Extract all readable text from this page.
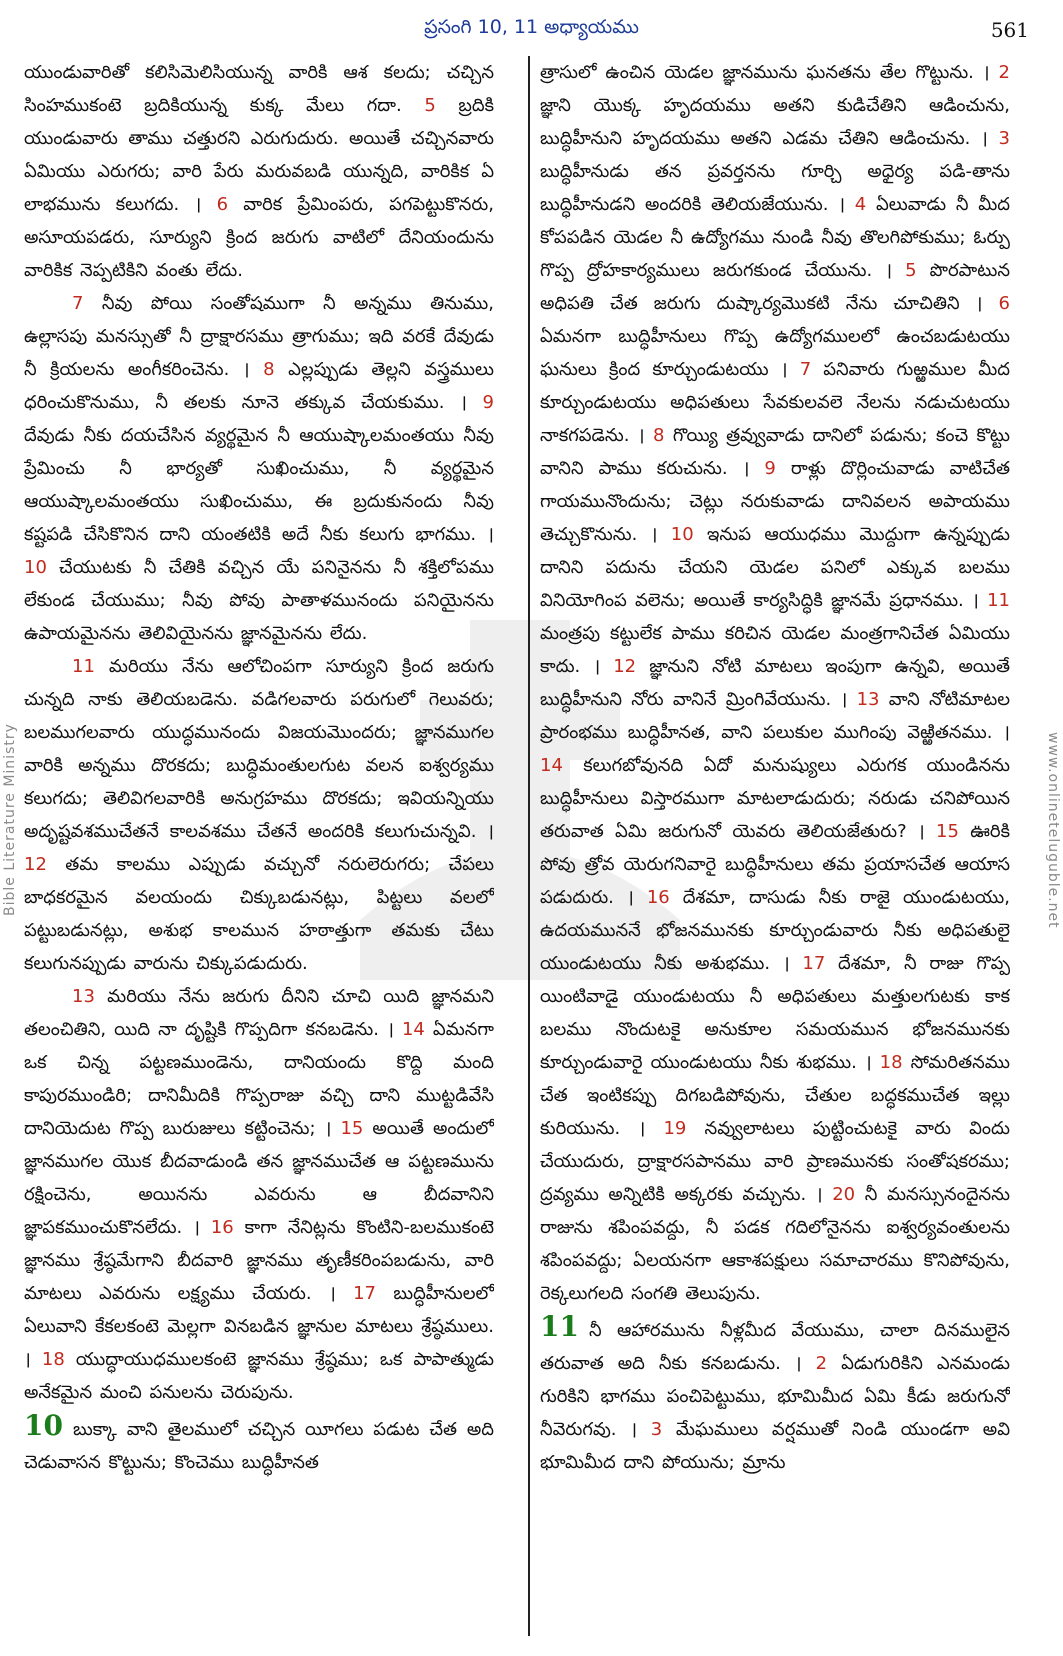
ప్రసంగి 10, 11 అధ్యాయము	561
Bible Literature Ministry	www.onlineteluguble.net

యుండువారితో కలిసిమెలిసియున్న వారికి ఆశ కలదు; చచ్చిన సింహముకంటె బ్రదికియున్న కుక్క మేలు గదా. 5 బ్రదికి యుండువారు తాము చత్తురని ఎరుగుదురు. అయితే చచ్చినవారు ఏమియు ఎరుగరు; వారి పేరు మరువబడి యున్నది, వారికిక ఏ లాభమును కలుగదు. । 6 వారిక ప్రేమింపరు, పగపెట్టుకొనరు, అసూయపడరు, సూర్యుని క్రింద జరుగు వాటిలో దేనియందును వారికిక నెప్పటికిని వంతు లేదు.

7 నీవు పోయి సంతోషముగా నీ అన్నము తినుము, ఉల్లాసపు మనస్సుతో నీ ద్రాక్షారసము త్రాగుము; ఇది వరకే దేవుడు నీ క్రియలను అంగీకరించెను. । 8 ఎల్లప్పుడు తెల్లని వస్త్రములు ధరించుకొనుము, నీ తలకు నూనె తక్కువ చేయకుము. । 9 దేవుడు నీకు దయచేసిన వ్యర్థమైన నీ ఆయుష్కాలమంతయు నీవు ప్రేమించు నీ భార్యతో సుఖించుము, నీ వ్యర్థమైన ఆయుష్కాలమంతయు సుఖించుము, ఈ బ్రదుకునందు నీవు కష్టపడి చేసికొనిన దాని యంతటికి అదే నీకు కలుగు భాగము. । 10 చేయుటకు నీ చేతికి వచ్చిన యే పనినైనను నీ శక్తిలోపము లేకుండ చేయుము; నీవు పోవు పాతాళమునందు పనియైనను ఉపాయమైనను తెలివియైనను జ్ఞానమైనను లేదు.

11 మరియు నేను ఆలోచింపగా సూర్యుని క్రింద జరుగు చున్నది నాకు తెలియబడెను. వడిగలవారు పరుగులో గెలువరు; బలముగలవారు యుద్ధమునందు విజయమొందరు; జ్ఞానముగల వారికి అన్నము దొరకదు; బుద్ధిమంతులగుట వలన ఐశ్వర్యము కలుగదు; తెలివిగలవారికి అనుగ్రహము దొరకదు; ఇవియన్నియు అదృష్టవశముచేతనే కాలవశము చేతనే అందరికి కలుగుచున్నవి. । 12 తమ కాలము ఎప్పుడు వచ్చునో నరులెరుగరు; చేపలు బాధకరమైన వలయందు చిక్కుబడునట్లు, పిట్టలు వలలో పట్టుబడునట్లు, అశుభ కాలమున హఠాత్తుగా తమకు చేటు కలుగునప్పుడు వారును చిక్కుపడుదురు.

13 మరియు నేను జరుగు దీనిని చూచి యిది జ్ఞానమని తలంచితిని, యిది నా దృష్టికి గొప్పదిగా కనబడెను. । 14 ఏమనగా ఒక చిన్న పట్టణముండెను, దానియందు కొద్ది మంది కాపురముండిరి; దానిమీదికి గొప్పరాజు వచ్చి దాని ముట్టడివేసి దానియెదుట గొప్ప బురుజులు కట్టించెను; । 15 అయితే అందులో జ్ఞానముగల యొక బీదవాడుండి తన జ్ఞానముచేత ఆ పట్టణమును రక్షించెను, అయినను ఎవరును ఆ బీదవానిని జ్ఞాపకముంచుకొనలేదు. । 16 కాగా నేనిట్లను కొంటిని-బలముకంటె జ్ఞానము శ్రేష్ఠమేగాని బీదవారి జ్ఞానము తృణీకరింపబడును, వారి మాటలు ఎవరును లక్ష్యము చేయరు. । 17 బుద్ధిహీనులలో ఏలువాని కేకలకంటె మెల్లగా వినబడిన జ్ఞానుల మాటలు శ్రేష్ఠములు. । 18 యుద్ధాయుధములకంటె జ్ఞానము శ్రేష్ఠము; ఒక పాపాత్ముడు అనేకమైన మంచి పనులను చెరుపును.

10 బుక్కా వాని తైలములో చచ్చిన యీగలు పడుట చేత అది చెడువాసన కొట్టును; కొంచెము బుద్ధిహీనత

త్రాసులో ఉంచిన యెడల జ్ఞానమును ఘనతను తేల గొట్టును. । 2 జ్ఞాని యొక్క హృదయము అతని కుడిచేతిని ఆడించును, బుద్ధిహీనుని హృదయము అతని ఎడమ చేతిని ఆడించును. । 3 బుద్ధిహీనుడు తన ప్రవర్తనను గూర్చి అధైర్య పడి-తాను బుద్ధిహీనుడని అందరికి తెలియజేయును. । 4 ఏలువాడు నీ మీద కోపపడిన యెడల నీ ఉద్యోగము నుండి నీవు తొలగిపోకుము; ఓర్పు గొప్ప ద్రోహకార్యములు జరుగకుండ చేయును. । 5 పొరపాటున అధిపతి చేత జరుగు దుష్కార్యమొకటి నేను చూచితిని । 6 ఏమనగా బుద్ధిహీనులు గొప్ప ఉద్యోగములలో ఉంచబడుటయు ఘనులు క్రింద కూర్చుండుటయు । 7 పనివారు గుఱ్ఱముల మీద కూర్చుండుటయు అధిపతులు సేవకులవలె నేలను నడుచుటయు నాకగపడెను. । 8 గొయ్యి త్రవ్వువాడు దానిలో పడును; కంచె కొట్టు వానిని పాము కరుచును. । 9 రాళ్లు దొర్లించువాడు వాటిచేత గాయమునొందును; చెట్లు నరుకువాడు దానివలన అపాయము తెచ్చుకొనును. । 10 ఇనుప ఆయుధము మొద్దుగా ఉన్నప్పుడు దానిని పదును చేయని యెడల పనిలో ఎక్కువ బలము వినియోగింప వలెను; అయితే కార్యసిద్ధికి జ్ఞానమే ప్రధానము. । 11 మంత్రపు కట్టులేక పాము కరిచిన యెడల మంత్రగానిచేత ఏమియు కాదు. । 12 జ్ఞానుని నోటి మాటలు ఇంపుగా ఉన్నవి, అయితే బుద్ధిహీనుని నోరు వానినే మ్రింగివేయును. । 13 వాని నోటిమాటల ప్రారంభము బుద్ధిహీనత, వాని పలుకుల ముగింపు వెఱ్ఱితనము. । 14 కలుగబోవునది ఏదో మనుష్యులు ఎరుగక యుండినను బుద్ధిహీనులు విస్తారముగా మాటలాడుదురు; నరుడు చనిపోయిన తరువాత ఏమి జరుగునో యెవరు తెలియజేతురు? । 15 ఊరికి పోవు త్రోవ యెరుగనివారై బుద్ధిహీనులు తమ ప్రయాసచేత ఆయాస పడుదురు. । 16 దేశమా, దాసుడు నీకు రాజై యుండుటయు, ఉదయముననే భోజనమునకు కూర్చుండువారు నీకు అధిపతులై యుండుటయు నీకు అశుభము. । 17 దేశమా, నీ రాజు గొప్ప యింటివాడై యుండుటయు నీ అధిపతులు మత్తులగుటకు కాక బలము నొందుటకై అనుకూల సమయమున భోజనమునకు కూర్చుండువారై యుండుటయు నీకు శుభము. । 18 సోమరితనము చేత ఇంటికప్పు దిగబడిపోవును, చేతుల బద్ధకముచేత ఇల్లు కురియును. । 19 నవ్వులాటలు పుట్టించుటకై వారు విందు చేయుదురు, ద్రాక్షారసపానము వారి ప్రాణమునకు సంతోషకరము; ద్రవ్యము అన్నిటికి అక్కరకు వచ్చును. । 20 నీ మనస్సునందైనను రాజును శపింపవద్దు, నీ పడక గదిలోనైనను ఐశ్వర్యవంతులను శపింపవద్దు; ఏలయనగా ఆకాశపక్షులు సమాచారము కొనిపోవును, రెక్కలుగలది సంగతి తెలుపును.

11 నీ ఆహారమును నీళ్లమీద వేయుము, చాలా దినములైన తరువాత అది నీకు కనబడును. । 2 ఏడుగురికిని ఎనమండు గురికిని భాగము పంచిపెట్టుము, భూమిమీద ఏమి కీడు జరుగునో నీవెరుగవు. । 3 మేఘములు వర్షముతో నిండి యుండగా అవి భూమిమీద దాని పోయును; మ్రాను
